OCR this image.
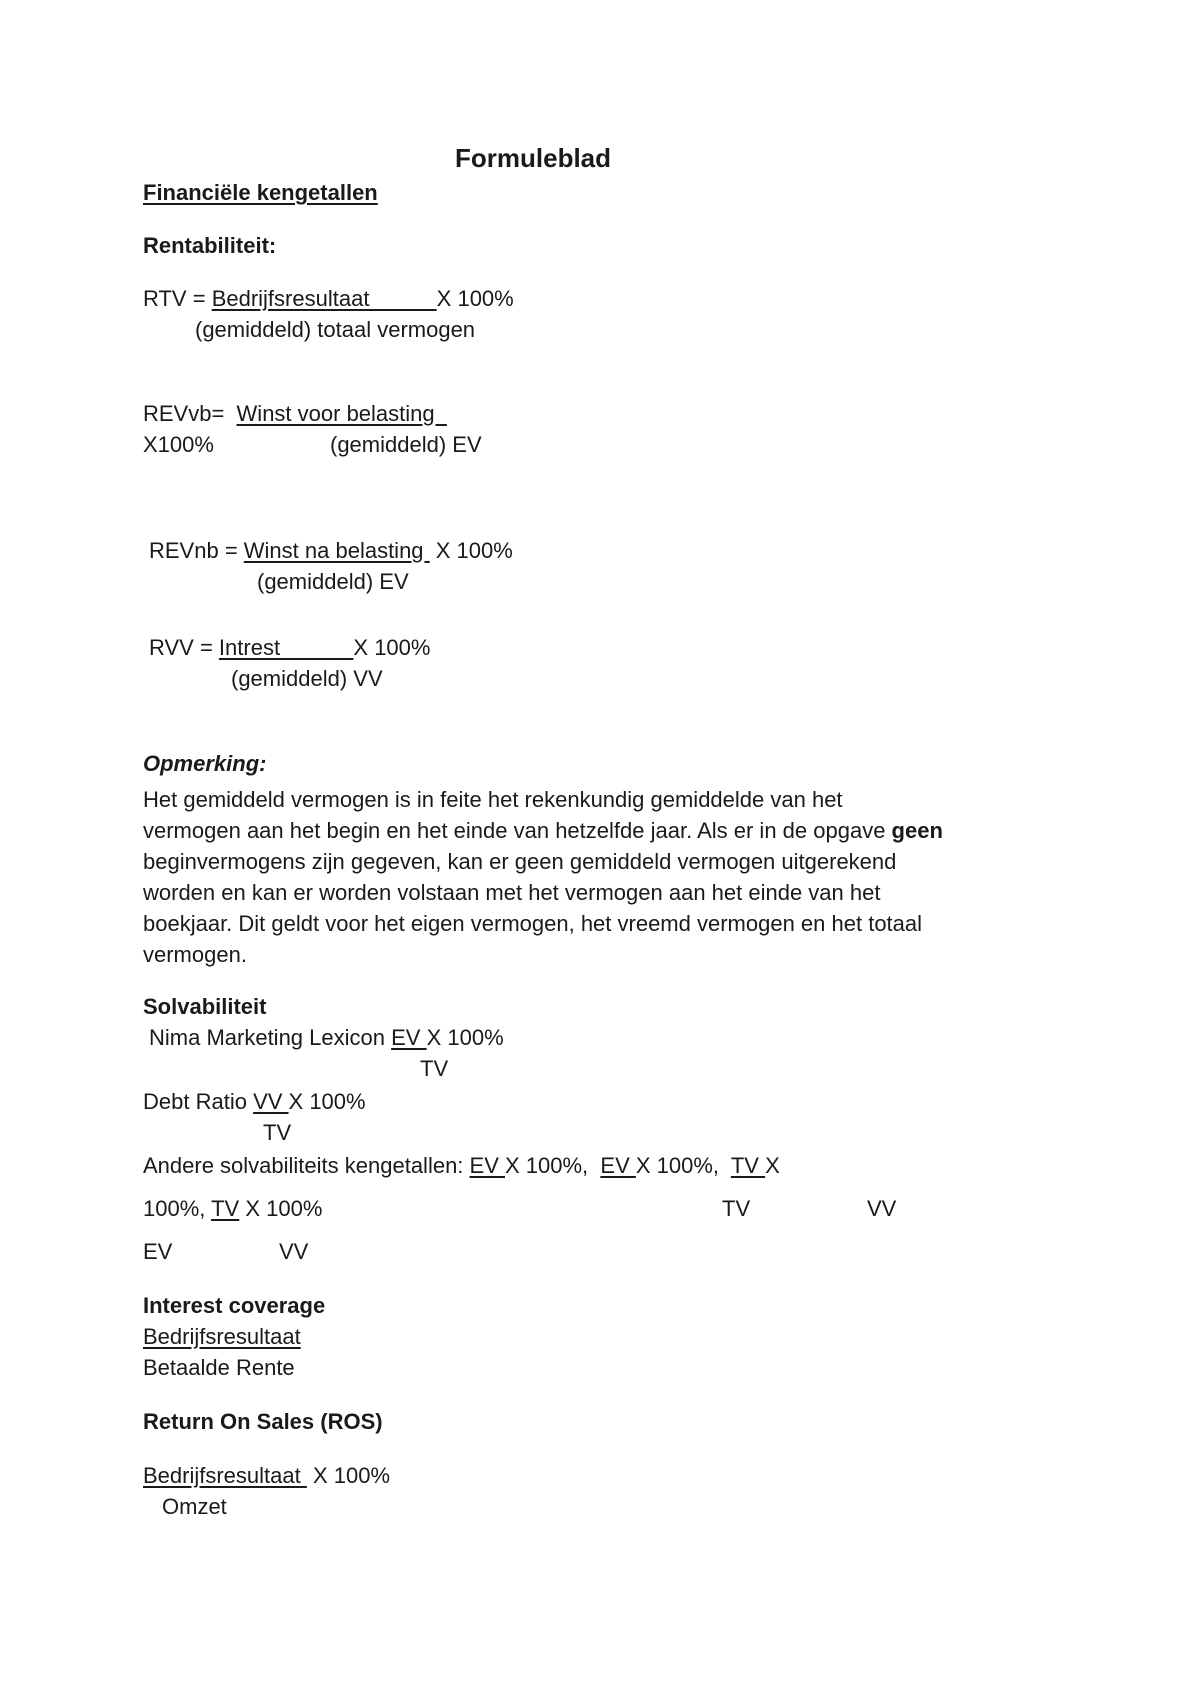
Formuleblad
Financiële kengetallen
Rentabiliteit:
RTV = Bedrijfsresultaat           X 100%
(gemiddeld) totaal vermogen
REVvb=  Winst voor belasting
X100%	(gemiddeld) EV
REVnb = Winst na belasting  X 100%
(gemiddeld) EV
RVV = Intrest            X 100%
(gemiddeld) VV
Opmerking:
Het gemiddeld vermogen is in feite het rekenkundig gemiddelde van het vermogen aan het begin en het einde van hetzelfde jaar. Als er in de opgave geen beginvermogens zijn gegeven, kan er geen gemiddeld vermogen uitgerekend worden en kan er worden volstaan met het vermogen aan het einde van het boekjaar. Dit geldt voor het eigen vermogen, het vreemd vermogen en het totaal vermogen.
Solvabiliteit
Nima Marketing Lexicon EV X 100%
TV
Debt Ratio VV X 100%
TV
Andere solvabiliteits kengetallen: EV X 100%,  EV X 100%,  TV X
100%, TV X 100%	TV	VV
EV	VV
Interest coverage
Bedrijfsresultaat
Betaalde Rente
Return On Sales (ROS)
Bedrijfsresultaat  X 100%
Omzet
